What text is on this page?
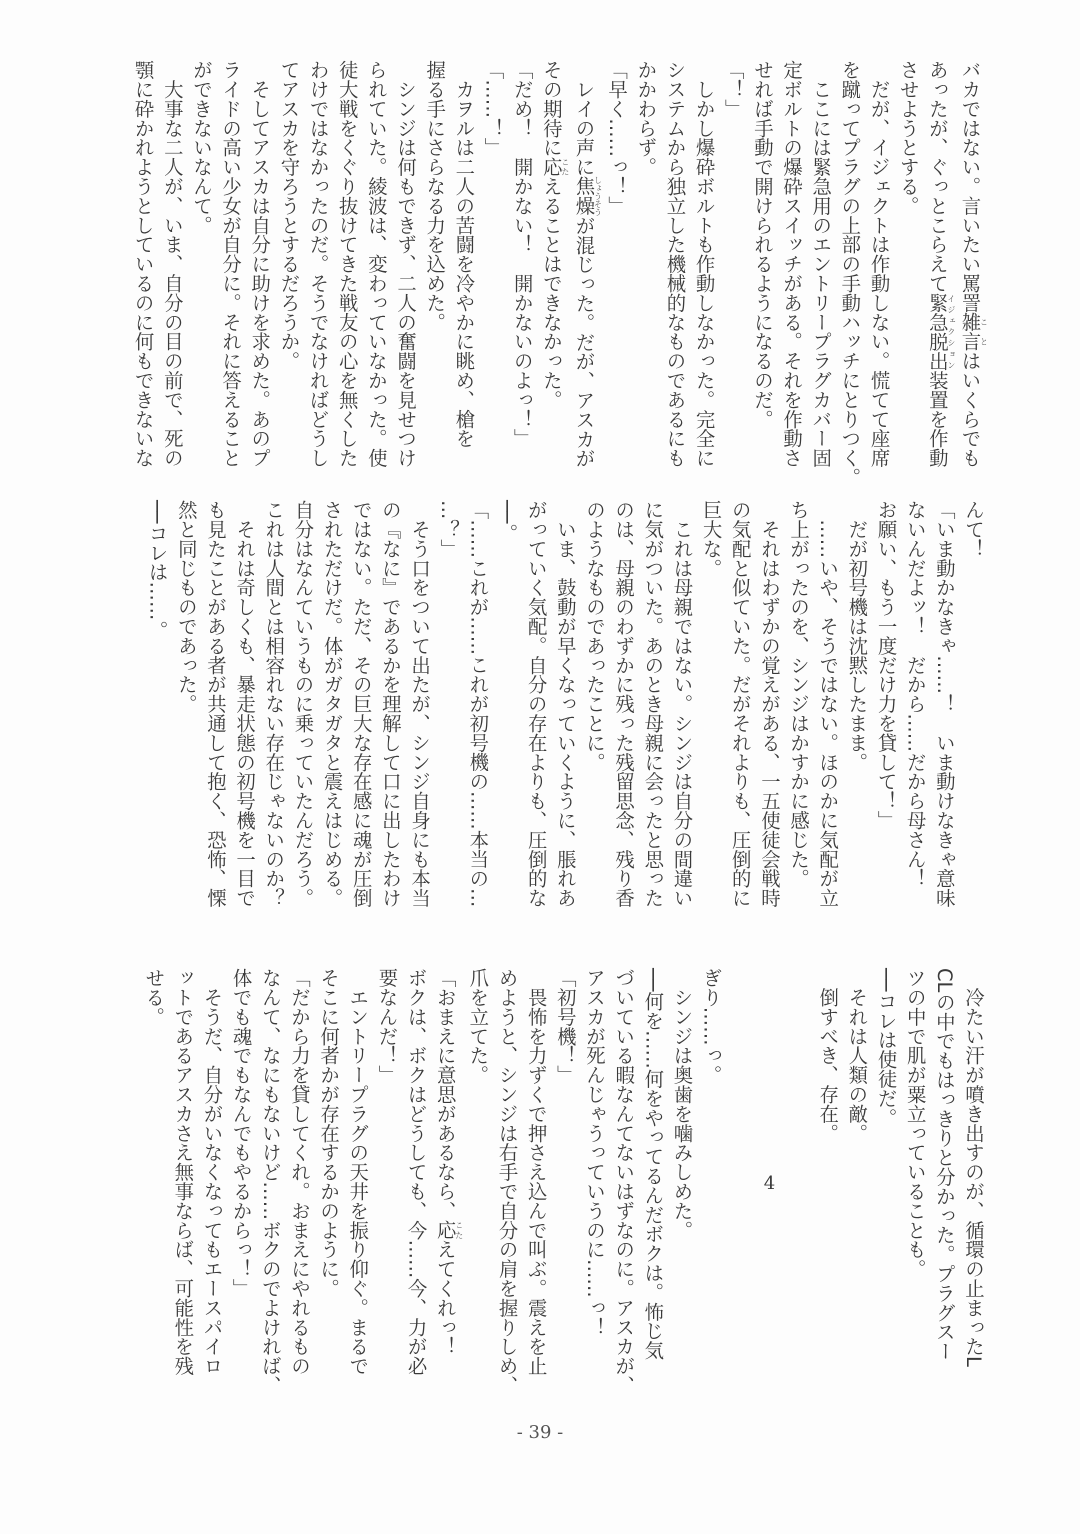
バカではない。言いたい罵詈雑言ことはいくらでも

あったが、ぐっとこらえて緊急脱出イジェクション装置を作動

させようとする。

　だが、イジェクトは作動しない。慌てて座席

を蹴ってプラグの上部の手動ハッチにとりつく。

　ここには緊急用のエントリープラグカバー固

定ボルトの爆砕スイッチがある。それを作動さ

せれば手動で開けられるようになるのだ。

「！」

　しかし爆砕ボルトも作動しなかった。完全に

システムから独立した機械的なものであるにも

かかわらず。

「早く……っ！」

　レイの声に焦燥しょうそうが混じった。だが、アスカが

その期待に応こたえることはできなかった。

「だめ！　開かない！　開かないのよっ！」

「……！」

　カヲルは二人の苦闘を冷やかに眺め、槍を

握る手にさらなる力を込めた。

　シンジは何もできず、二人の奮闘を見せつけ

られていた。綾波は、変わっていなかった。使

徒大戦をくぐり抜けてきた戦友の心を無くした

わけではなかったのだ。そうでなければどうし

てアスカを守ろうとするだろうか。

　そしてアスカは自分に助けを求めた。あのプ

ライドの高い少女が自分に。それに答えること

ができないなんて。

　大事な二人が、いま、自分の目の前で、死の

顎に砕かれようとしているのに何もできないな

んて！

「いま動かなきゃ……！　いま動けなきゃ意味

ないんだよッ！　だから……だから母さん！

お願い、もう一度だけ力を貸して！」

　だが初号機は沈黙したまま。

　……いや、そうではない。ほのかに気配が立

ち上がったのを、シンジはかすかに感じた。

　それはわずかの覚えがある、一五使徒会戦時

の気配と似ていた。だがそれよりも、圧倒的に

巨大な。

　これは母親ではない。シンジは自分の間違い

に気がついた。あのとき母親に会ったと思った

のは、母親のわずかに残った残留思念、残り香

のようなものであったことに。

　いま、鼓動が早くなっていくように、脹れあ

がっていく気配。自分の存在よりも、圧倒的な

──。

「……これが……これが初号機の……本当の…

…？」

　そう口をついて出たが、シンジ自身にも本当

の『なに』であるかを理解して口に出したわけ

ではない。ただ、その巨大な存在感に魂が圧倒

されただけだ。体がガタガタと震えはじめる。

自分はなんていうものに乗っていたんだろう。

これは人間とは相容れない存在じゃないのか？

　それは奇しくも、暴走状態の初号機を一目で

も見たことがある者が共通して抱く、恐怖、慄

然と同じものであった。

──コレは……。

　冷たい汗が噴き出すのが、循環の止まったL

CLの中でもはっきりと分かった。プラグスー

ツの中で肌が粟立っていることも。

──コレは使徒だ。

　それは人類の敵。

　倒すべき、存在。

4

ぎり……っ。

　シンジは奥歯を噛みしめた。

──何を……何をやってるんだボクは。怖じ気

づいている暇なんてないはずなのに。アスカが、

アスカが死んじゃうっていうのに……っ！

「初号機！」

　畏怖を力ずくで押さえ込んで叫ぶ。震えを止

めようと、シンジは右手で自分の肩を握りしめ、

爪を立てた。

「おまえに意思があるなら、応こたえてくれっ！

ボクは、ボクはどうしても、今……今、力が必

要なんだ！」

　エントリープラグの天井を振り仰ぐ。まるで

そこに何者かが存在するかのように。

「だから力を貸してくれ。おまえにやれるもの

なんて、なにもないけど……ボクのでよければ、

体でも魂でもなんでもやるからっ！」

　そうだ、自分がいなくなってもエースパイロ

ットであるアスカさえ無事ならば、可能性を残

せる。

- 39 -
